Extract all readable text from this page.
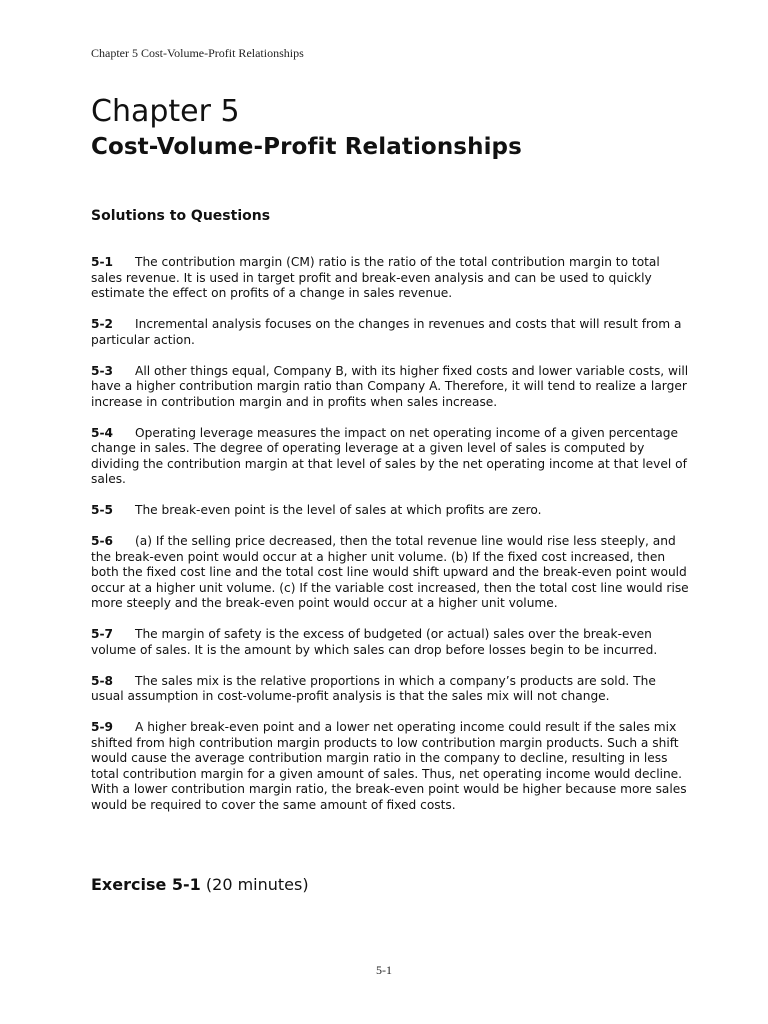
Chapter 5 Cost-Volume-Profit Relationships
Chapter 5
Cost-Volume-Profit Relationships
Solutions to Questions

5-1 The contribution margin (CM) ratio is the ratio of the total contribution margin to total sales revenue. It is used in target profit and break-even analysis and can be used to quickly estimate the effect on profits of a change in sales revenue.

5-2 Incremental analysis focuses on the changes in revenues and costs that will result from a particular action.

5-3 All other things equal, Company B, with its higher fixed costs and lower variable costs, will have a higher contribution margin ratio than Company A. Therefore, it will tend to realize a larger increase in contribution margin and in profits when sales increase.

5-4 Operating leverage measures the impact on net operating income of a given percentage change in sales. The degree of operating leverage at a given level of sales is computed by dividing the contribution margin at that level of sales by the net operating income at that level of sales.

5-5 The break-even point is the level of sales at which profits are zero.

5-6 (a) If the selling price decreased, then the total revenue line would rise less steeply, and the break-even point would occur at a higher unit volume. (b) If the fixed cost increased, then both the fixed cost line and the total cost line would shift upward and the break-even point would occur at a higher unit volume. (c) If the variable cost increased, then the total cost line would rise more steeply and the break-even point would occur at a higher unit volume.

5-7 The margin of safety is the excess of budgeted (or actual) sales over the break-even volume of sales. It is the amount by which sales can drop before losses begin to be incurred.

5-8 The sales mix is the relative proportions in which a company’s products are sold. The usual assumption in cost-volume-profit analysis is that the sales mix will not change.

5-9 A higher break-even point and a lower net operating income could result if the sales mix shifted from high contribution margin products to low contribution margin products. Such a shift would cause the average contribution margin ratio in the company to decline, resulting in less total contribution margin for a given amount of sales. Thus, net operating income would decline. With a lower contribution margin ratio, the break-even point would be higher because more sales would be required to cover the same amount of fixed costs.

Exercise 5-1 (20 minutes)
5-1
